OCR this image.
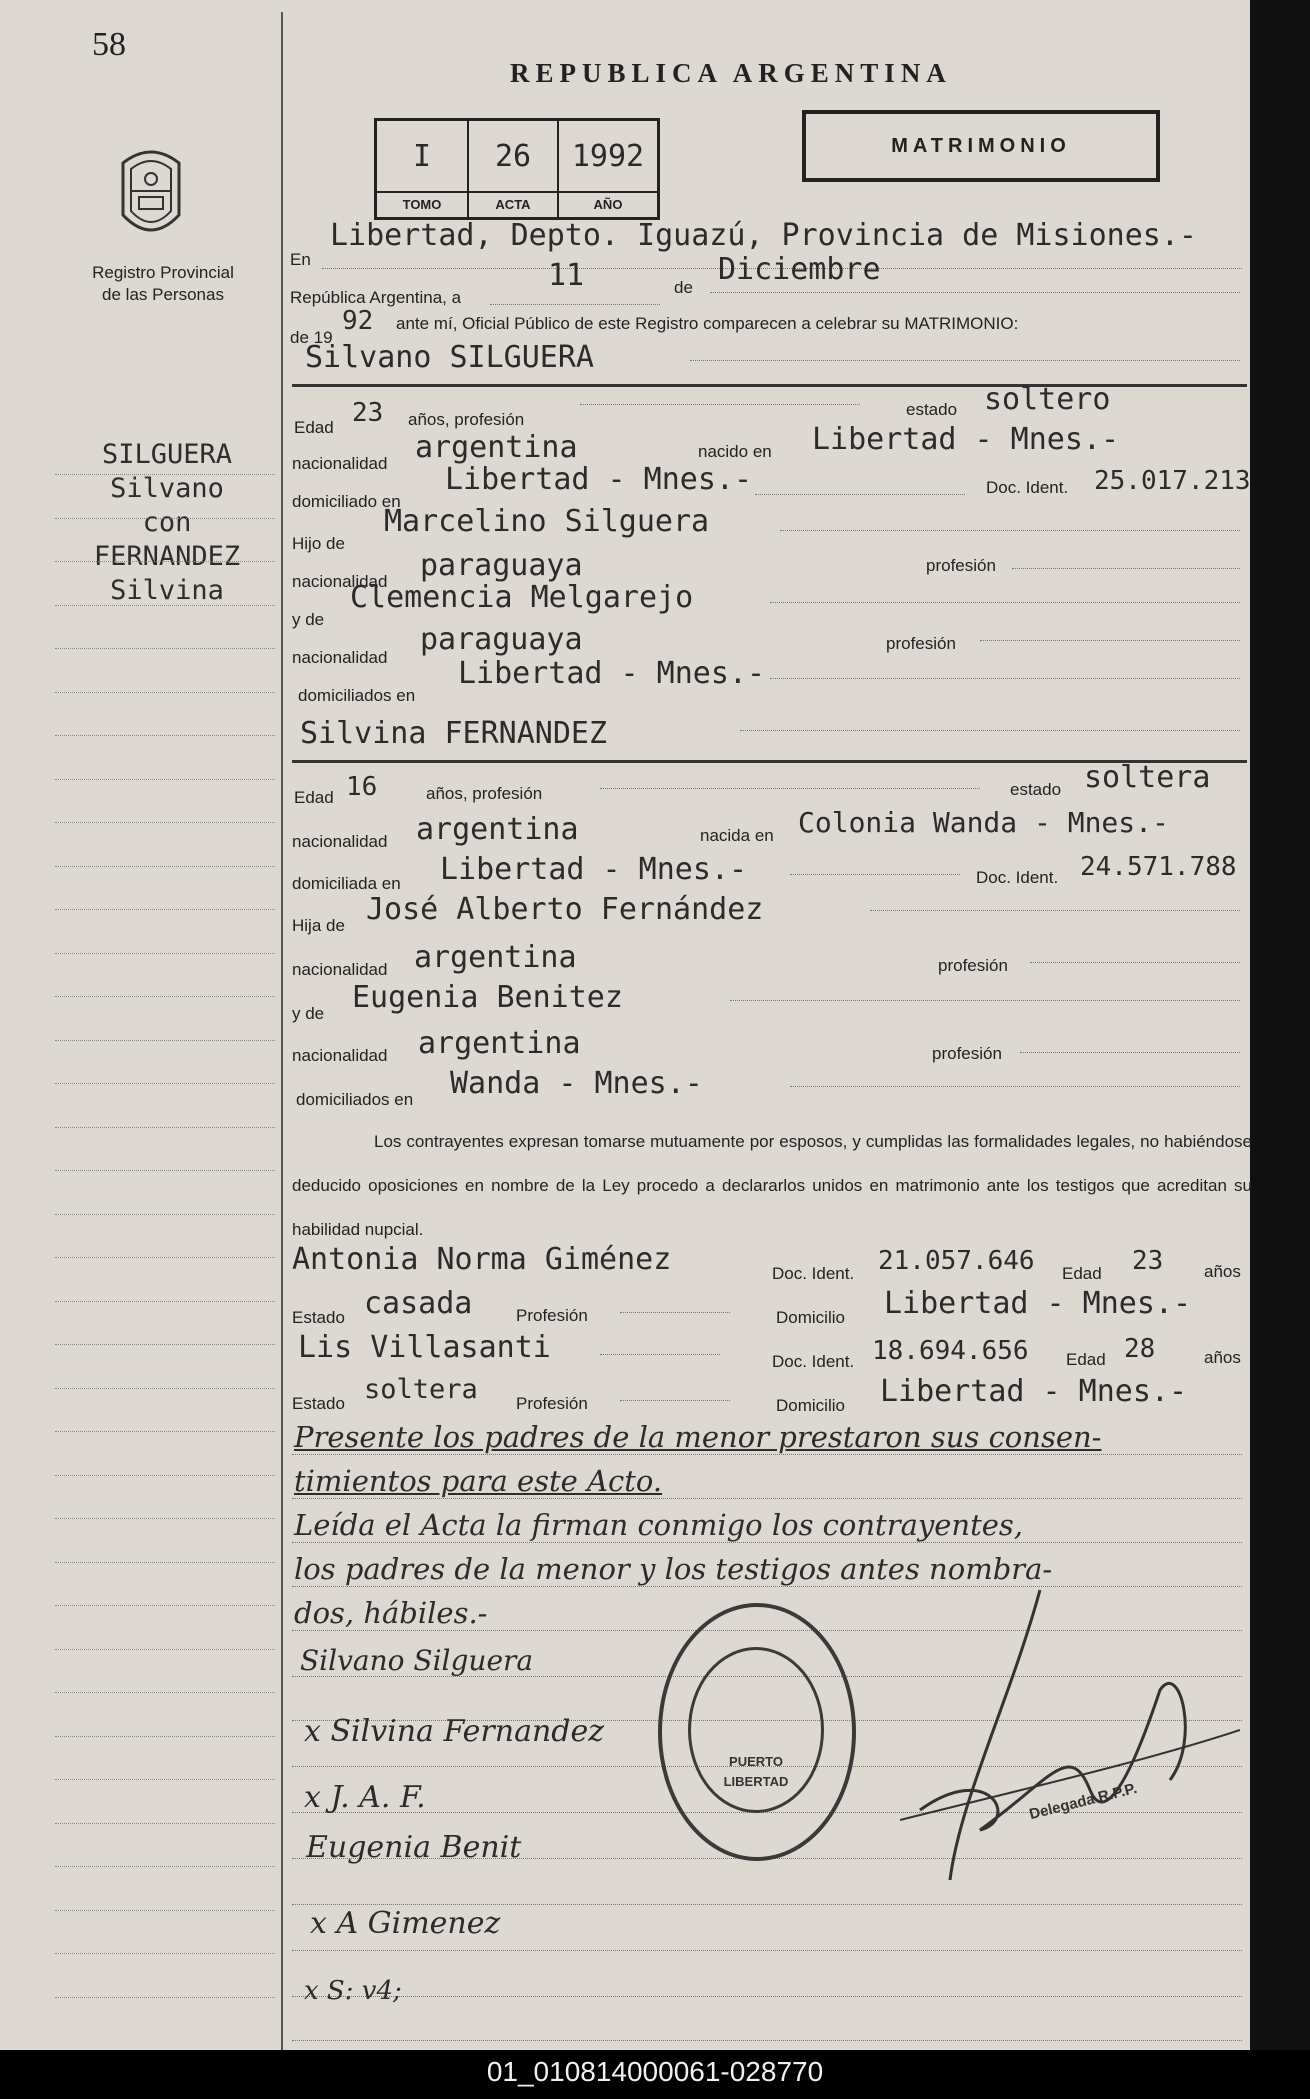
58
Registro Provincial
de las Personas
SILGUERA
Silvano
con
FERNANDEZ
Silvina
REPUBLICA ARGENTINA
I
TOMO
26
ACTA
1992
AÑO
MATRIMONIO
En
Libertad, Depto. Iguazú, Provincia de Misiones.-
República Argentina, a
11	de
Diciembre
de 19
92 ante mí, Oficial Público de este Registro comparecen a celebrar su MATRIMONIO:
Silvano SILGUERA
Edad 23 años, profesión
estado soltero
nacionalidad argentina	nacido en Libertad - Mnes.-
domiciliado en
Libertad - Mnes.-	Doc. Ident. 25.017.213
Hijo de
Marcelino Silguera
nacionalidad paraguaya	profesión
y de
Clemencia Melgarejo
nacionalidad
paraguaya	profesión
domiciliados en
Libertad - Mnes.-
Silvina FERNANDEZ
Edad 16	años, profesión	estado soltera
nacionalidad argentina	nacida en Colonia Wanda - Mnes.-
domiciliada en Libertad - Mnes.-	Doc. Ident. 24.571.788
Hija de José Alberto Fernández
nacionalidad argentina	profesión
y de Eugenia Benitez
nacionalidad argentina	profesión
domiciliados en Wanda - Mnes.-
Los contrayentes expresan tomarse mutuamente por esposos, y cumplidas las formalidades legales, no habiéndose deducido oposiciones en nombre de la Ley procedo a declararlos unidos en matrimonio ante los testigos que acreditan su habilidad nupcial.
Antonia Norma Giménez	Doc. Ident. 21.057.646 Edad 23 años
Estado casada	Profesión	Domicilio Libertad - Mnes.-
Lis Villasanti	Doc. Ident. 18.694.656 Edad 28	años
Estado soltera Profesión	Domicilio Libertad - Mnes.-
Presente los padres de la menor prestaron sus consen-
timientos para este Acto.
Leída el Acta la firman conmigo los contrayentes,
los padres de la menor y los testigos antes nombra-
dos, hábiles.-
Silvano Silguera
x Silvina Fernandez
x J. A. F.
Eugenia Benit
x A Gimenez
x S: v4;
PUERTO
LIBERTAD	Delegada R.P.P.
01_010814000061-028770
